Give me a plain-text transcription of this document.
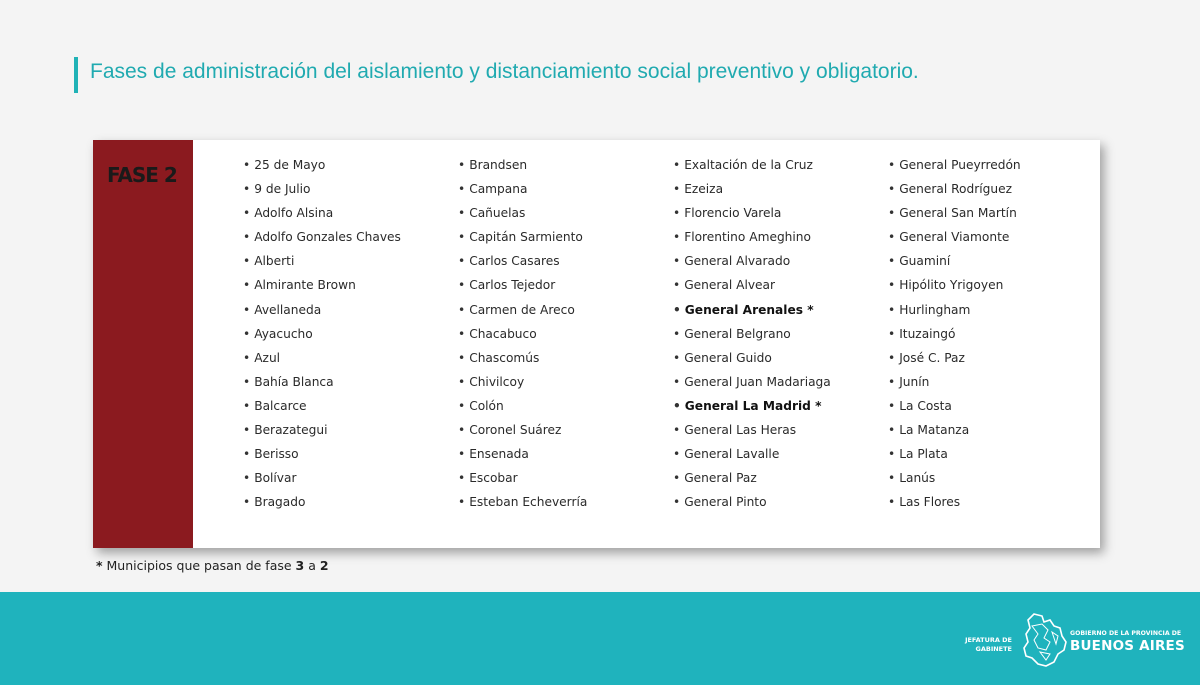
Fases de administración del aislamiento y distanciamiento social preventivo y obligatorio.
FASE 2
•	25 de Mayo
• 9 de Julio
• Adolfo Alsina
• Adolfo Gonzales Chaves
• Alberti
• Almirante Brown
• Avellaneda
• Ayacucho
• Azul
• Bahía Blanca
• Balcarce
• Berazategui
• Berisso
• Bolívar
• Bragado
• Brandsen
• Campana
• Cañuelas
• Capitán Sarmiento
• Carlos Casares
• Carlos Tejedor
• Carmen de Areco
• Chacabuco
• Chascomús
• Chivilcoy
• Colón
• Coronel Suárez
• Ensenada
• Escobar
• Esteban Echeverría
• Exaltación de la Cruz
• Ezeiza
• Florencio Varela
• Florentino Ameghino
• General Alvarado
• General Alvear
• General Arenales *
• General Belgrano
• General Guido
• General Juan Madariaga
• General La Madrid *
• General Las Heras
• General Lavalle
• General Paz
• General Pinto
• General Pueyrredón
• General Rodríguez
• General San Martín
• General Viamonte
• Guaminí
• Hipólito Yrigoyen
• Hurlingham
• Ituzaingó
• José C. Paz
• Junín
• La Costa
• La Matanza
• La Plata
• Lanús
• Las Flores
* Municipios que pasan de fase 3 a 2
JEFATURA DE
GABINETE
GOBIERNO DE LA PROVINCIA DE
BUENOS AIRES
